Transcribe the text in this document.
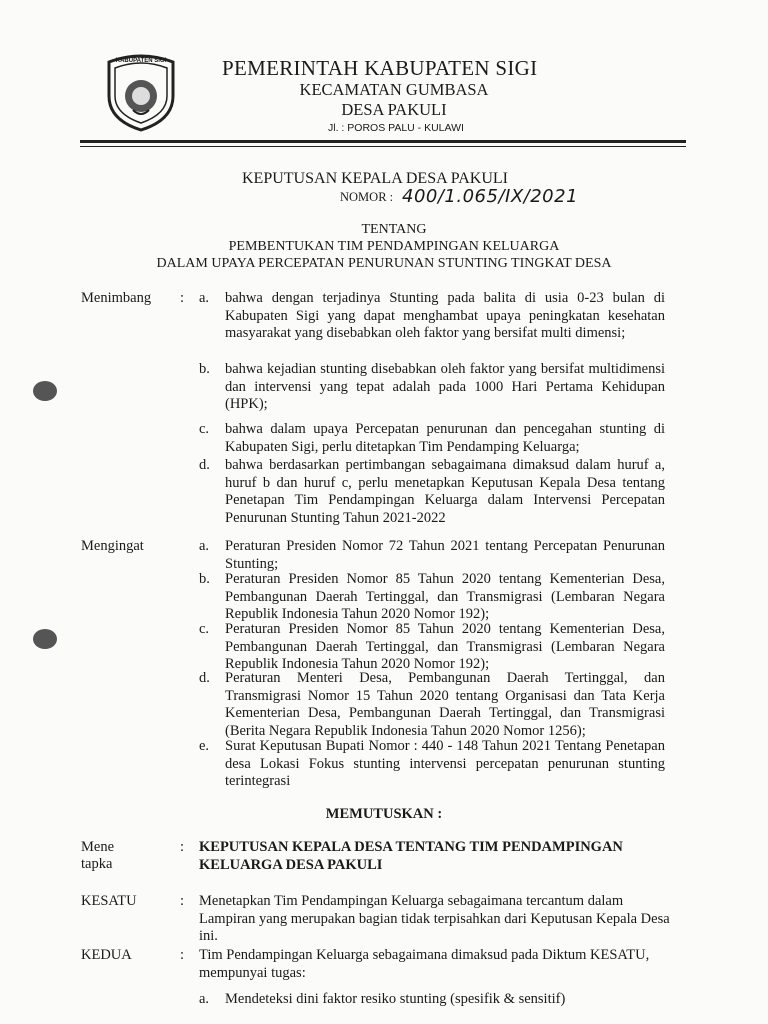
KABUPATEN SIGI	PEMERINTAH KABUPATEN SIGI
KECAMATAN GUMBASA
DESA PAKULI
Jl. : POROS PALU - KULAWI
KEPUTUSAN KEPALA DESA PAKULI
NOMOR : 400/1.065/IX/2021
TENTANG
PEMBENTUKAN TIM PENDAMPINGAN KELUARGA
DALAM UPAYA PERCEPATAN PENURUNAN STUNTING TINGKAT DESA
Menimbang : a. bahwa dengan terjadinya Stunting pada balita di usia 0-23 bulan di Kabupaten Sigi yang dapat menghambat upaya peningkatan kesehatan masyarakat yang disebabkan oleh faktor yang bersifat multi dimensi;
b. bahwa kejadian stunting disebabkan oleh faktor yang bersifat multidimensi dan intervensi yang tepat adalah pada 1000 Hari Pertama Kehidupan (HPK);
c. bahwa dalam upaya Percepatan penurunan dan pencegahan stunting di Kabupaten Sigi, perlu ditetapkan Tim Pendamping Keluarga;
d. bahwa berdasarkan pertimbangan sebagaimana dimaksud dalam huruf a, huruf b dan huruf c, perlu menetapkan Keputusan Kepala Desa tentang Penetapan Tim Pendampingan Keluarga dalam Intervensi Percepatan Penurunan Stunting Tahun 2021-2022
Mengingat	a. Peraturan Presiden Nomor 72 Tahun 2021 tentang Percepatan Penurunan Stunting;
b. Peraturan Presiden Nomor 85 Tahun 2020 tentang Kementerian Desa, Pembangunan Daerah Tertinggal, dan Transmigrasi (Lembaran Negara Republik Indonesia Tahun 2020 Nomor 192);
c. Peraturan Presiden Nomor 85 Tahun 2020 tentang Kementerian Desa, Pembangunan Daerah Tertinggal, dan Transmigrasi (Lembaran Negara Republik Indonesia Tahun 2020 Nomor 192);
d. Peraturan Menteri Desa, Pembangunan Daerah Tertinggal, dan Transmigrasi Nomor 15 Tahun 2020 tentang Organisasi dan Tata Kerja Kementerian Desa, Pembangunan Daerah Tertinggal, dan Transmigrasi (Berita Negara Republik Indonesia Tahun 2020 Nomor 1256);
e. Surat Keputusan Bupati Nomor : 440 - 148 Tahun 2021 Tentang Penetapan desa Lokasi Fokus stunting intervensi percepatan penurunan stunting terintegrasi
MEMUTUSKAN :
Mene
tapka
: KEPUTUSAN KEPALA DESA TENTANG TIM PENDAMPINGAN KELUARGA DESA PAKULI
KESATU	: Menetapkan Tim Pendampingan Keluarga sebagaimana tercantum dalam Lampiran yang merupakan bagian tidak terpisahkan dari Keputusan Kepala Desa ini.
KEDUA	: Tim Pendampingan Keluarga sebagaimana dimaksud pada Diktum KESATU, mempunyai tugas:
a. Mendeteksi dini faktor resiko stunting (spesifik & sensitif)
